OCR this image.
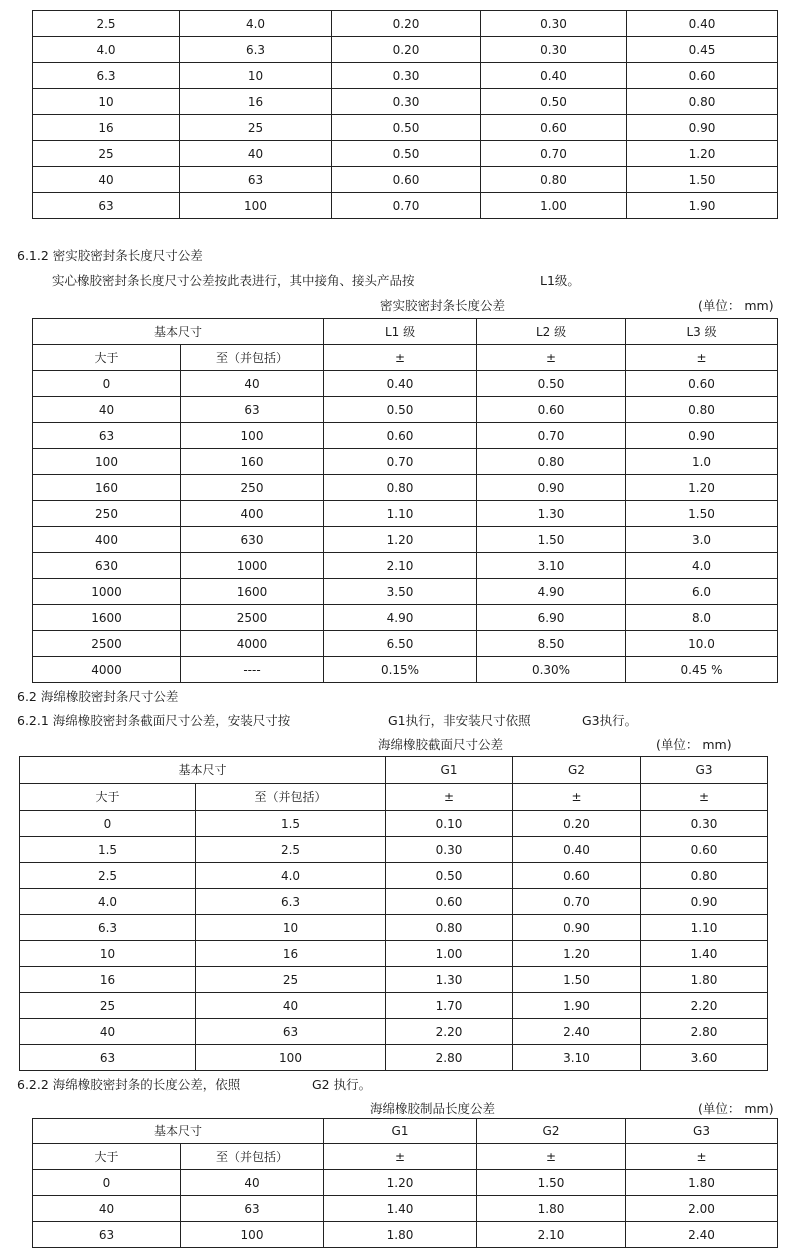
2.5	4.0	0.20	0.30	0.40
4.0	6.3	0.20	0.30	0.45
6.3	10	0.30	0.40	0.60
10	16	0.30	0.50	0.80
16	25	0.50	0.60	0.90
25	40	0.50	0.70	1.20
40	63	0.60	0.80	1.50
63	100	0.70	1.00	1.90
6.1.2 密实胶密封条长度尺寸公差
实心橡胶密封条长度尺寸公差按此表进行，其中接角、接头产品按	L1级。
密实胶密封条长度公差	(单位： mm)
基本尺寸		L1 级	L2 级	L3 级
大于	至（并包括）	±	±	±
0	40	0.40	0.50	0.60
40	63	0.50	0.60	0.80
63	100	0.60	0.70	0.90
100	160	0.70	0.80	1.0
160	250	0.80	0.90	1.20
250	400	1.10	1.30	1.50
400	630	1.20	1.50	3.0
630	1000	2.10	3.10	4.0
1000	1600	3.50	4.90	6.0
1600	2500	4.90	6.90	8.0
2500	4000	6.50	8.50	10.0
4000	----	0.15%	0.30%	0.45 %
6.2 海绵橡胶密封条尺寸公差
6.2.1 海绵橡胶密封条截面尺寸公差，安装尺寸按	G1执行，非安装尺寸依照	G3执行。
海绵橡胶截面尺寸公差	(单位： mm)
基本尺寸		G1	G2	G3
大于	至（并包括）	±	±	±
0	1.5	0.10	0.20	0.30
1.5	2.5	0.30	0.40	0.60
2.5	4.0	0.50	0.60	0.80
4.0	6.3	0.60	0.70	0.90
6.3	10	0.80	0.90	1.10
10	16	1.00	1.20	1.40
16	25	1.30	1.50	1.80
25	40	1.70	1.90	2.20
40	63	2.20	2.40	2.80
63	100	2.80	3.10	3.60
6.2.2 海绵橡胶密封条的长度公差，依照	G2 执行。
海绵橡胶制品长度公差	(单位： mm)
基本尺寸		G1	G2	G3
大于	至（并包括）	±	±	±
0	40	1.20	1.50	1.80
40	63	1.40	1.80	2.00
63	100	1.80	2.10	2.40
